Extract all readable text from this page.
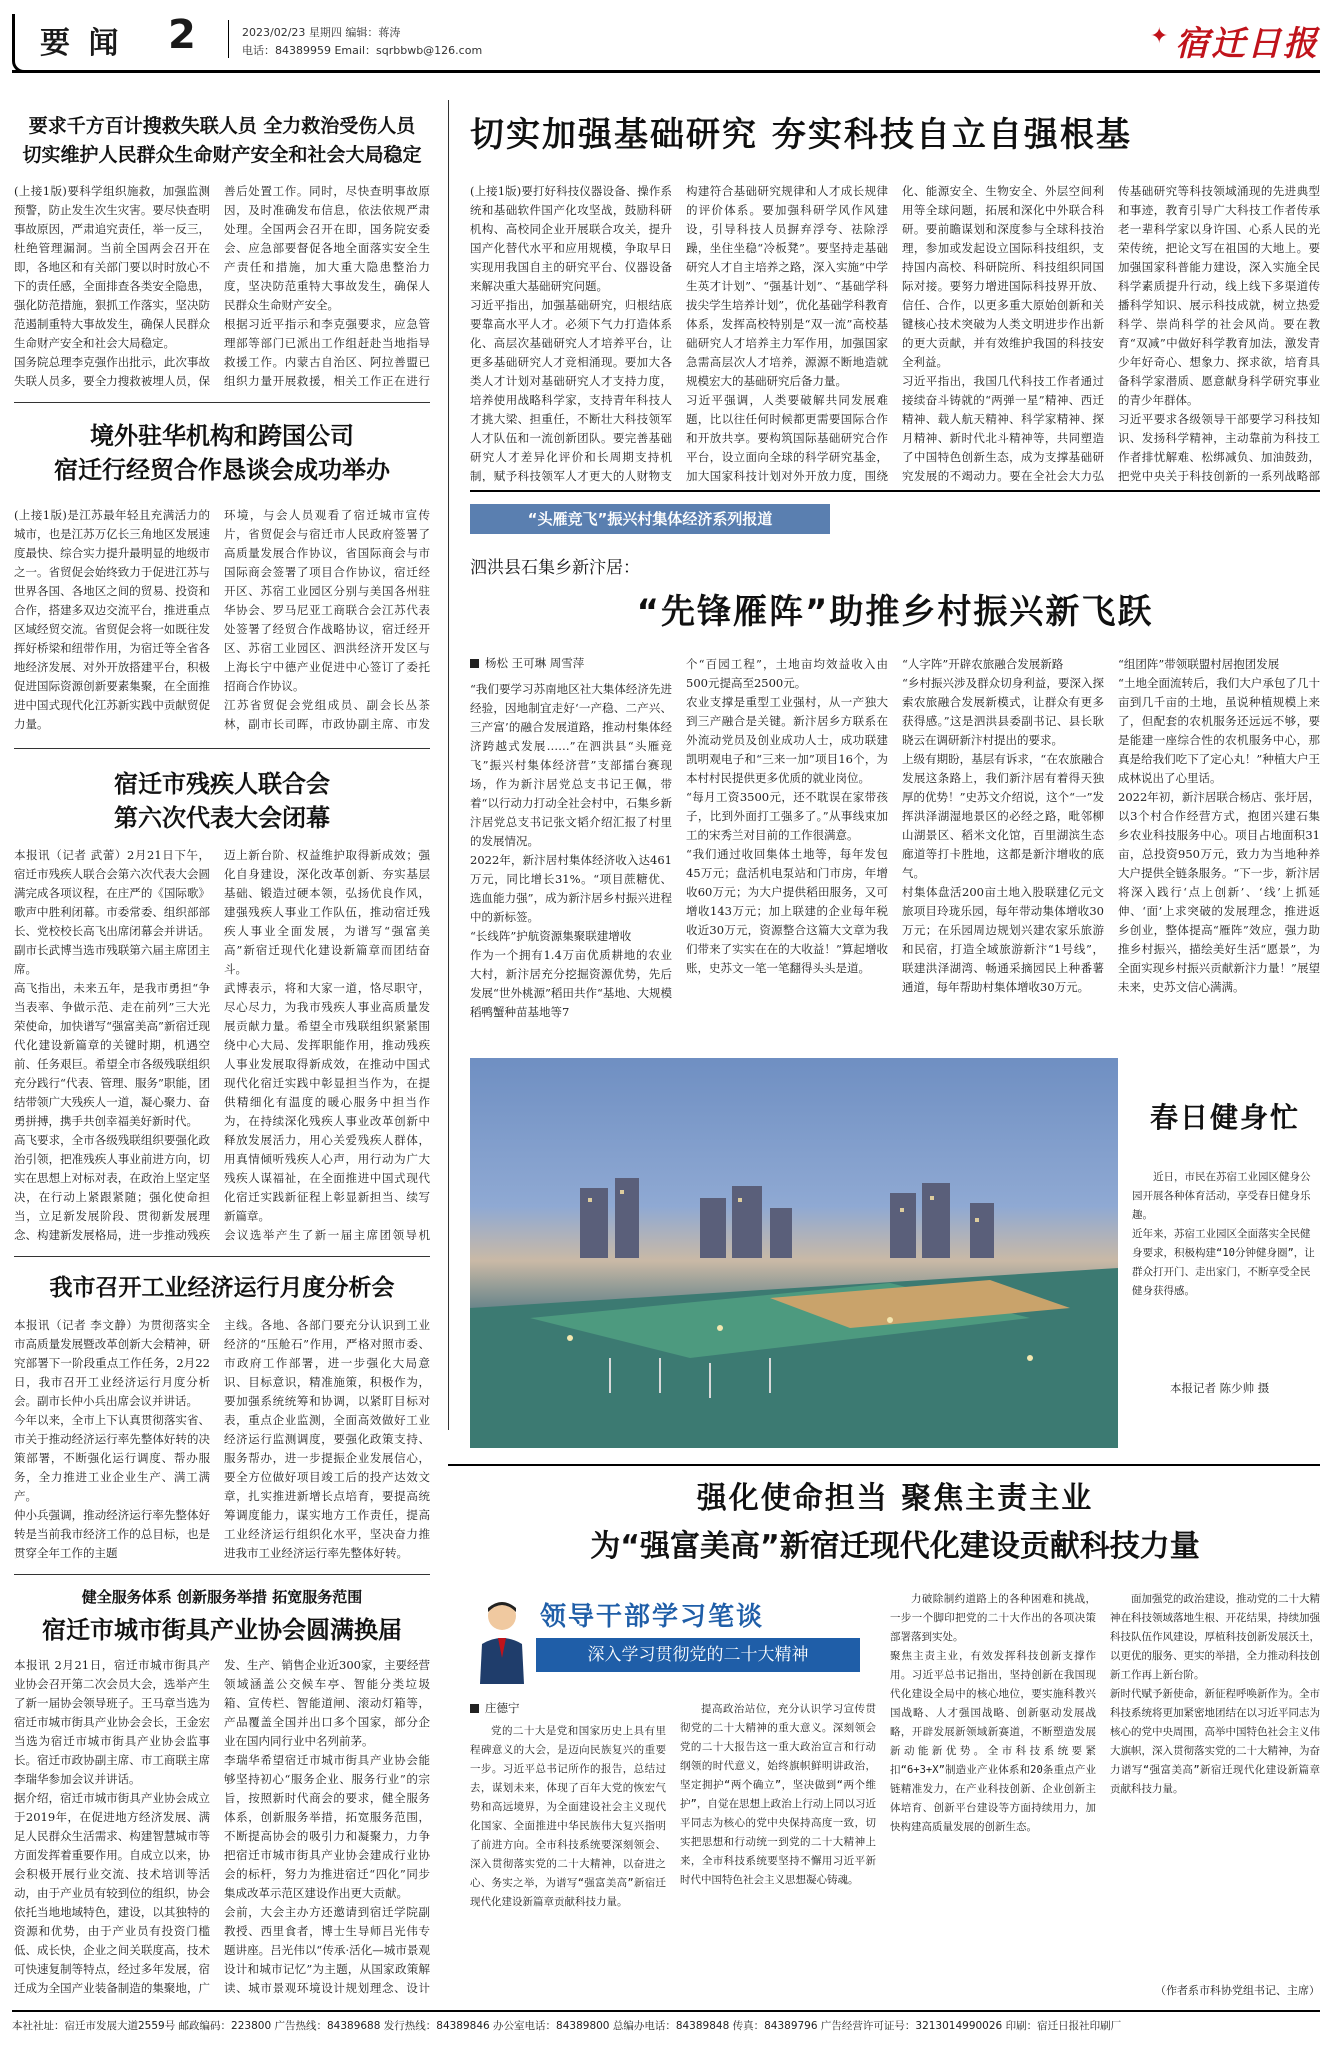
要 闻 2	2023/02/23 星期四 编辑：蒋涛
电话：84389959 Email：sqrbbwb@126.com	宿迁日报
✦
要求千方百计搜救失联人员 全力救治受伤人员
切实维护人民群众生命财产安全和社会大局稳定
(上接1版)要科学组织施救，加强监测预警，防止发生次生灾害。要尽快查明事故原因，严肃追究责任，举一反三，杜绝管理漏洞。当前全国两会召开在即，各地区和有关部门要以时时放心不下的责任感，全面排查各类安全隐患，强化防范措施，狠抓工作落实，坚决防范遏制重特大事故发生，确保人民群众生命财产安全和社会大局稳定。
国务院总理李克强作出批示，此次事故失联人员多，要全力搜救被埋人员，保
善后处置工作。同时，尽快查明事故原因，及时准确发布信息，依法依规严肃处理。全国两会召开在即，国务院安委会、应急部要督促各地全面落实安全生产责任和措施，加大重大隐患整治力度，坚决防范重特大事故发生，确保人民群众生命财产安全。
根据习近平指示和李克强要求，应急管理部等部门已派出工作组赶赴当地指导救援工作。内蒙古自治区、阿拉善盟已组织力量开展救援，相关工作正在进行
切实加强基础研究 夯实科技自立自强根基
(上接1版)要打好科技仪器设备、操作系统和基础软件国产化攻坚战，鼓励科研机构、高校同企业开展联合攻关，提升国产化替代水平和应用规模，争取早日实现用我国自主的研究平台、仪器设备来解决重大基础研究问题。
习近平指出，加强基础研究，归根结底要靠高水平人才。必须下气力打造体系化、高层次基础研究人才培养平台，让更多基础研究人才竞相涌现。要加大各类人才计划对基础研究人才支持力度，培养使用战略科学家，支持青年科技人才挑大梁、担重任，不断壮大科技领军人才队伍和一流创新团队。要完善基础研究人才差异化评价和长周期支持机制，赋予科技领军人才更大的人财物支
构建符合基础研究规律和人才成长规律的评价体系。要加强科研学风作风建设，引导科技人员摒弃浮夸、祛除浮躁，坐住坐稳“冷板凳”。要坚持走基础研究人才自主培养之路，深入实施“中学生英才计划”、“强基计划”、“基础学科拔尖学生培养计划”，优化基础学科教育体系，发挥高校特别是“双一流”高校基础研究人才培养主力军作用，加强国家急需高层次人才培养，源源不断地造就规模宏大的基础研究后备力量。
习近平强调，人类要破解共同发展难题，比以往任何时候都更需要国际合作和开放共享。要构筑国际基础研究合作平台，设立面向全球的科学研究基金，加大国家科技计划对外开放力度，围绕
化、能源安全、生物安全、外层空间利用等全球问题，拓展和深化中外联合科研。要前瞻谋划和深度参与全球科技治理，参加或发起设立国际科技组织，支持国内高校、科研院所、科技组织同国际对接。要努力增进国际科技界开放、信任、合作，以更多重大原始创新和关键核心技术突破为人类文明进步作出新的更大贡献，并有效维护我国的科技安全利益。
习近平指出，我国几代科技工作者通过接续奋斗铸就的“两弹一星”精神、西迁精神、载人航天精神、科学家精神、探月精神、新时代北斗精神等，共同塑造了中国特色创新生态，成为支撑基础研究发展的不竭动力。要在全社会大力弘
传基础研究等科技领域涌现的先进典型和事迹，教育引导广大科技工作者传承老一辈科学家以身许国、心系人民的光荣传统，把论文写在祖国的大地上。要加强国家科普能力建设，深入实施全民科学素质提升行动，线上线下多渠道传播科学知识、展示科技成就，树立热爱科学、崇尚科学的社会风尚。要在教育“双减”中做好科学教育加法，激发青少年好奇心、想象力、探求欲，培育具备科学家潜质、愿意献身科学研究事业的青少年群体。
习近平要求各级领导干部要学习科技知识、发扬科学精神，主动靠前为科技工作者排忧解难、松绑减负、加油鼓劲，把党中央关于科技创新的一系列战略部
境外驻华机构和跨国公司
宿迁行经贸合作恳谈会成功举办
(上接1版)是江苏最年轻且充满活力的城市，也是江苏万亿长三角地区发展速度最快、综合实力提升最明显的地级市之一。省贸促会始终致力于促进江苏与世界各国、各地区之间的贸易、投资和合作，搭建多双边交流平台，推进重点区域经贸交流。省贸促会将一如既往发挥好桥梁和纽带作用，为宿迁等全省各地经济发展、对外开放搭建平台，积极促进国际资源创新要素集聚，在全面推进中国式现代化江苏新实践中贡献贸促力量。

环境，与会人员观看了宿迁城市宣传片，省贸促会与宿迁市人民政府签署了高质量发展合作协议，省国际商会与市国际商会签署了项目合作协议，宿迁经开区、苏宿工业园区分别与美国各州驻华协会、罗马尼亚工商联合会江苏代表处签署了经贸合作战略协议，宿迁经开区、苏宿工业园区、泗洪经济开发区与上海长宁中德产业促进中心签订了委托招商合作协议。
江苏省贸促会党组成员、副会长丛茶林，副市长司晖，市政协副主席、市发
宿迁市残疾人联合会
第六次代表大会闭幕
本报讯（记者 武蕾）2月21日下午，宿迁市残疾人联合会第六次代表大会圆满完成各项议程，在庄严的《国际歌》歌声中胜利闭幕。市委常委、组织部部长、党校校长高飞出席闭幕会并讲话。副市长武博当选市残联第六届主席团主席。
高飞指出，未来五年，是我市勇担“争当表率、争做示范、走在前列”三大光荣使命，加快谱写“强富美高”新宿迁现代化建设新篇章的关键时期，机遇空前、任务艰巨。希望全市各级残联组织充分践行“代表、管理、服务”职能，团结带领广大残疾人一道，凝心聚力、奋勇拼搏，携手共创幸福美好新时代。
高飞要求，全市各级残联组织要强化政治引领，把准残疾人事业前进方向，切实在思想上对标对表，在政治上坚定坚决，在行动上紧跟紧随；强化使命担当，立足新发展阶段、贯彻新发展理念、构建新发展格局，进一步推动残疾
迈上新台阶、权益维护取得新成效；强化自身建设，深化改革创新、夯实基层基础、锻造过硬本领，弘扬优良作风，建强残疾人事业工作队伍，推动宿迁残疾人事业全面发展，为谱写“强富美高”新宿迁现代化建设新篇章而团结奋斗。
武博表示，将和大家一道，恪尽职守，尽心尽力，为我市残疾人事业高质量发展贡献力量。希望全市残联组织紧紧围绕中心大局、发挥职能作用，推动残疾人事业发展取得新成效，在推动中国式现代化宿迁实践中彰显担当作为，在提供精细化有温度的暖心服务中担当作为，在持续深化残疾人事业改革创新中释放发展活力，用心关爱残疾人群体，用真情倾听残疾人心声，用行动为广大残疾人谋福祉，在全面推进中国式现代化宿迁实践新征程上彰显新担当、续写新篇章。
会议选举产生了新一届主席团领导机
我市召开工业经济运行月度分析会
本报讯（记者 李文静）为贯彻落实全市高质量发展暨改革创新大会精神，研究部署下一阶段重点工作任务，2月22日，我市召开工业经济运行月度分析会。副市长仲小兵出席会议并讲话。
今年以来，全市上下认真贯彻落实省、市关于推动经济运行率先整体好转的决策部署，不断强化运行调度、帮办服务，全力推进工业企业生产、满工满产。
仲小兵强调，推动经济运行率先整体好转是当前我市经济工作的总目标，也是贯穿全年工作的主题
主线。各地、各部门要充分认识到工业经济的“压舱石”作用，严格对照市委、市政府工作部署，进一步强化大局意识、目标意识，精准施策，积极作为，要加强系统统筹和协调，以紧盯目标对表，重点企业监测，全面高效做好工业经济运行监测调度，要强化政策支持、服务帮办，进一步提振企业发展信心，要全方位做好项目竣工后的投产达效文章，扎实推进新增长点培育，要提高统筹调度能力，谋实地方工作责任，提高工业经济运行组织化水平，坚决奋力推进我市工业经济运行率先整体好转。
健全服务体系 创新服务举措 拓宽服务范围
宿迁市城市街具产业协会圆满换届
本报讯 2月21日，宿迁市城市街具产业协会召开第二次会员大会，选举产生了新一届协会领导班子。王马章当选为宿迁市城市街具产业协会会长，王金宏当选为宿迁市城市街具产业协会监事长。宿迁市政协副主席、市工商联主席李瑞华参加会议并讲话。
据介绍，宿迁市城市街具产业协会成立于2019年，在促进地方经济发展、满足人民群众生活需求、构建智慧城市等方面发挥着重要作用。自成立以来，协会积极开展行业交流、技术培训等活动，由于产业员有较到位的组织，协会依托当地地域特色，建设，以其独特的资源和优势，由于产业员有投资门槛低、成长快，企业之间关联度高，技术可快速复制等特点，经过多年发展，宿迁成为全国产业装备制造的集聚地，广
发、生产、销售企业近300家，主要经营领域涵盖公交候车亭、智能分类垃圾箱、宣传栏、智能道闸、滚动灯箱等，产品覆盖全国并出口多个国家，部分企业在国内同行业中名列前茅。
李瑞华希望宿迁市城市街具产业协会能够坚持初心“服务企业、服务行业”的宗旨，按照新时代商会的要求，健全服务体系，创新服务举措，拓宽服务范围，不断提高协会的吸引力和凝聚力，力争把宿迁市城市街具产业协会建成行业协会的标杆，努力为推进宿迁“四化”同步集成改革示范区建设作出更大贡献。
会前，大会主办方还邀请到宿迁学院副教授、西里食者，博士生导师吕光伟专题讲座。吕光伟以“传承·活化—城市景观设计和城市记忆”为主题，从国家政策解读、城市景观环境设计规划理念、设计
“头雁竞飞”振兴村集体经济系列报道
泗洪县石集乡新汴居：
“先锋雁阵”助推乡村振兴新飞跃
杨松 王可琳 周雪萍
“我们要学习苏南地区社大集体经济先进经验，因地制宜走好‘一产稳、二产兴、三产富’的融合发展道路，推动村集体经济跨越式发展……”在泗洪县“头雁竞飞”振兴村集体经济营”支部擂台赛现场，作为新汴居党总支书记王佩，带着“以行动力打动全社会村中，石集乡新汴居党总支书记张文韬介绍汇报了村里的发展情况。
2022年，新汴居村集体经济收入达461万元，同比增长31%。“项目蔗糖优、选血能力强”，成为新汴居乡村振兴进程中的新标签。
“长线阵”护航资源集聚联建增收
作为一个拥有1.4万亩优质耕地的农业大村，新汴居充分挖掘资源优势，先后发展“世外桃源”稻田共作“基地、大规模稻鸭蟹种苗基地等7
个“百园工程”，土地亩均效益收入由500元提高至2500元。
农业支撑是重型工业强村，从一产独大到三产融合是关键。新汴居乡方联系在外流动党员及创业成功人士，成功联建凯明观电子和“三来一加”项目16个，为本村村民提供更多优质的就业岗位。
“每月工资3500元，还不耽误在家带孩子，比到外面打工强多了。”从事线束加工的宋秀兰对目前的工作很满意。
“我们通过收回集体土地等，每年发包45万元；盘活机电泵站和门市房，年增收60万元；为大户提供稻田服务，又可增收143万元；加上联建的企业每年税收近30万元，资源整合这篇大文章为我们带来了实实在在的大收益！”算起增收账，史苏文一笔一笔翻得头头是道。
“人字阵”开辟农旅融合发展新路
“乡村振兴涉及群众切身利益，要深入探索农旅融合发展新模式，让群众有更多获得感。”这是泗洪县委副书记、县长耿晓云在调研新汴村提出的要求。
上级有期盼，基层有诉求，“在农旅融合发展这条路上，我们新汴居有着得天独厚的优势！”史苏文介绍说，这个“一”发挥洪泽湖湿地景区的必经之路，毗邻柳山湖景区、稻米文化馆，百里湖滨生态廊道等打卡胜地，这都是新汴增收的底气。
村集体盘活200亩土地入股联建亿元文旅项目玲珑乐园，每年带动集体增收30万元；在乐园周边规划兴建农家乐旅游和民宿，打造全域旅游新汴“1号线”，联建洪泽湖湾、畅通采摘园民上种番薯通道，每年帮助村集体增收30万元。
“组团阵”带领联盟村居抱团发展
“土地全面流转后，我们大户承包了几十亩到几千亩的土地，虽说种植规模上来了，但配套的农机服务还远远不够，要是能建一座综合性的农机服务中心，那真是给我们吃下了定心丸！”种植大户王成林说出了心里话。
2022年初，新汴居联合杨店、张圩居，以3个村合作经营方式，抱团兴建石集乡农业科技服务中心。项目占地面积31亩，总投资950万元，致力为当地种养大户提供全链条服务。“下一步，新汴居将深入践行‘点上创新’、‘线’上抓延伸、‘面’上求突破的发展理念，推进返乡创业，整体提高“雁阵”效应，强力助推乡村振兴，描绘美好生活“愿景”，为全面实现乡村振兴贡献新汴力量！”展望未来，史苏文信心满满。
春日健身忙
近日，市民在苏宿工业园区健身公园开展各种体育活动，享受春日健身乐趣。
近年来，苏宿工业园区全面落实全民健身要求，积极构建“10分钟健身圈”，让群众打开门、走出家门，不断享受全民健身获得感。
本报记者 陈少帅 摄
强化使命担当 聚焦主责主业
为“强富美高”新宿迁现代化建设贡献科技力量
领导干部学习笔谈
深入学习贯彻党的二十大精神
庄德宁
党的二十大是党和国家历史上具有里程碑意义的大会，是迈向民族复兴的重要一步。习近平总书记所作的报告，总结过去，谋划未来，体现了百年大党的恢宏气势和高远境界，为全面建设社会主义现代化国家、全面推进中华民族伟大复兴指明了前进方向。全市科技系统要深刻领会、深入贯彻落实党的二十大精神，以奋进之心、务实之举，为谱写“强富美高”新宿迁现代化建设新篇章贡献科技力量。
提高政治站位，充分认识学习宣传贯彻党的二十大精神的重大意义。深刻领会党的二十大报告这一重大政治宣言和行动纲领的时代意义，始终旗帜鲜明讲政治，坚定拥护“两个确立”，坚决做到“两个维护”，自觉在思想上政治上行动上同以习近平同志为核心的党中央保持高度一致，切实把思想和行动统一到党的二十大精神上来，全市科技系统要坚持不懈用习近平新时代中国特色社会主义思想凝心铸魂。
力破除制约道路上的各种困难和挑战，一步一个脚印把党的二十大作出的各项决策部署落到实处。
聚焦主责主业，有效发挥科技创新支撑作用。习近平总书记指出，坚持创新在我国现代化建设全局中的核心地位，要实施科教兴国战略、人才强国战略、创新驱动发展战略，开辟发展新领域新赛道，不断塑造发展新动能新优势。全市科技系统要紧扣“6+3+X”制造业产业体系和20条重点产业链精准发力，在产业科技创新、企业创新主体培育、创新平台建设等方面持续用力，加快构建高质量发展的创新生态。
面加强党的政治建设，推动党的二十大精神在科技领域落地生根、开花结果，持续加强科技队伍作风建设，厚植科技创新发展沃土，以更优的服务、更实的举措，全力推动科技创新工作再上新台阶。
新时代赋予新使命，新征程呼唤新作为。全市科技系统将更加紧密地团结在以习近平同志为核心的党中央周围，高举中国特色社会主义伟大旗帜，深入贯彻落实党的二十大精神，为奋力谱写“强富美高”新宿迁现代化建设新篇章贡献科技力量。
（作者系市科协党组书记、主席）
本社社址：宿迁市发展大道2559号 邮政编码：223800 广告热线：84389688 发行热线：84389846 办公室电话：84389800 总编办电话：84389848 传真：84389796 广告经营许可证号：3213014990026 印刷：宿迁日报社印刷厂
